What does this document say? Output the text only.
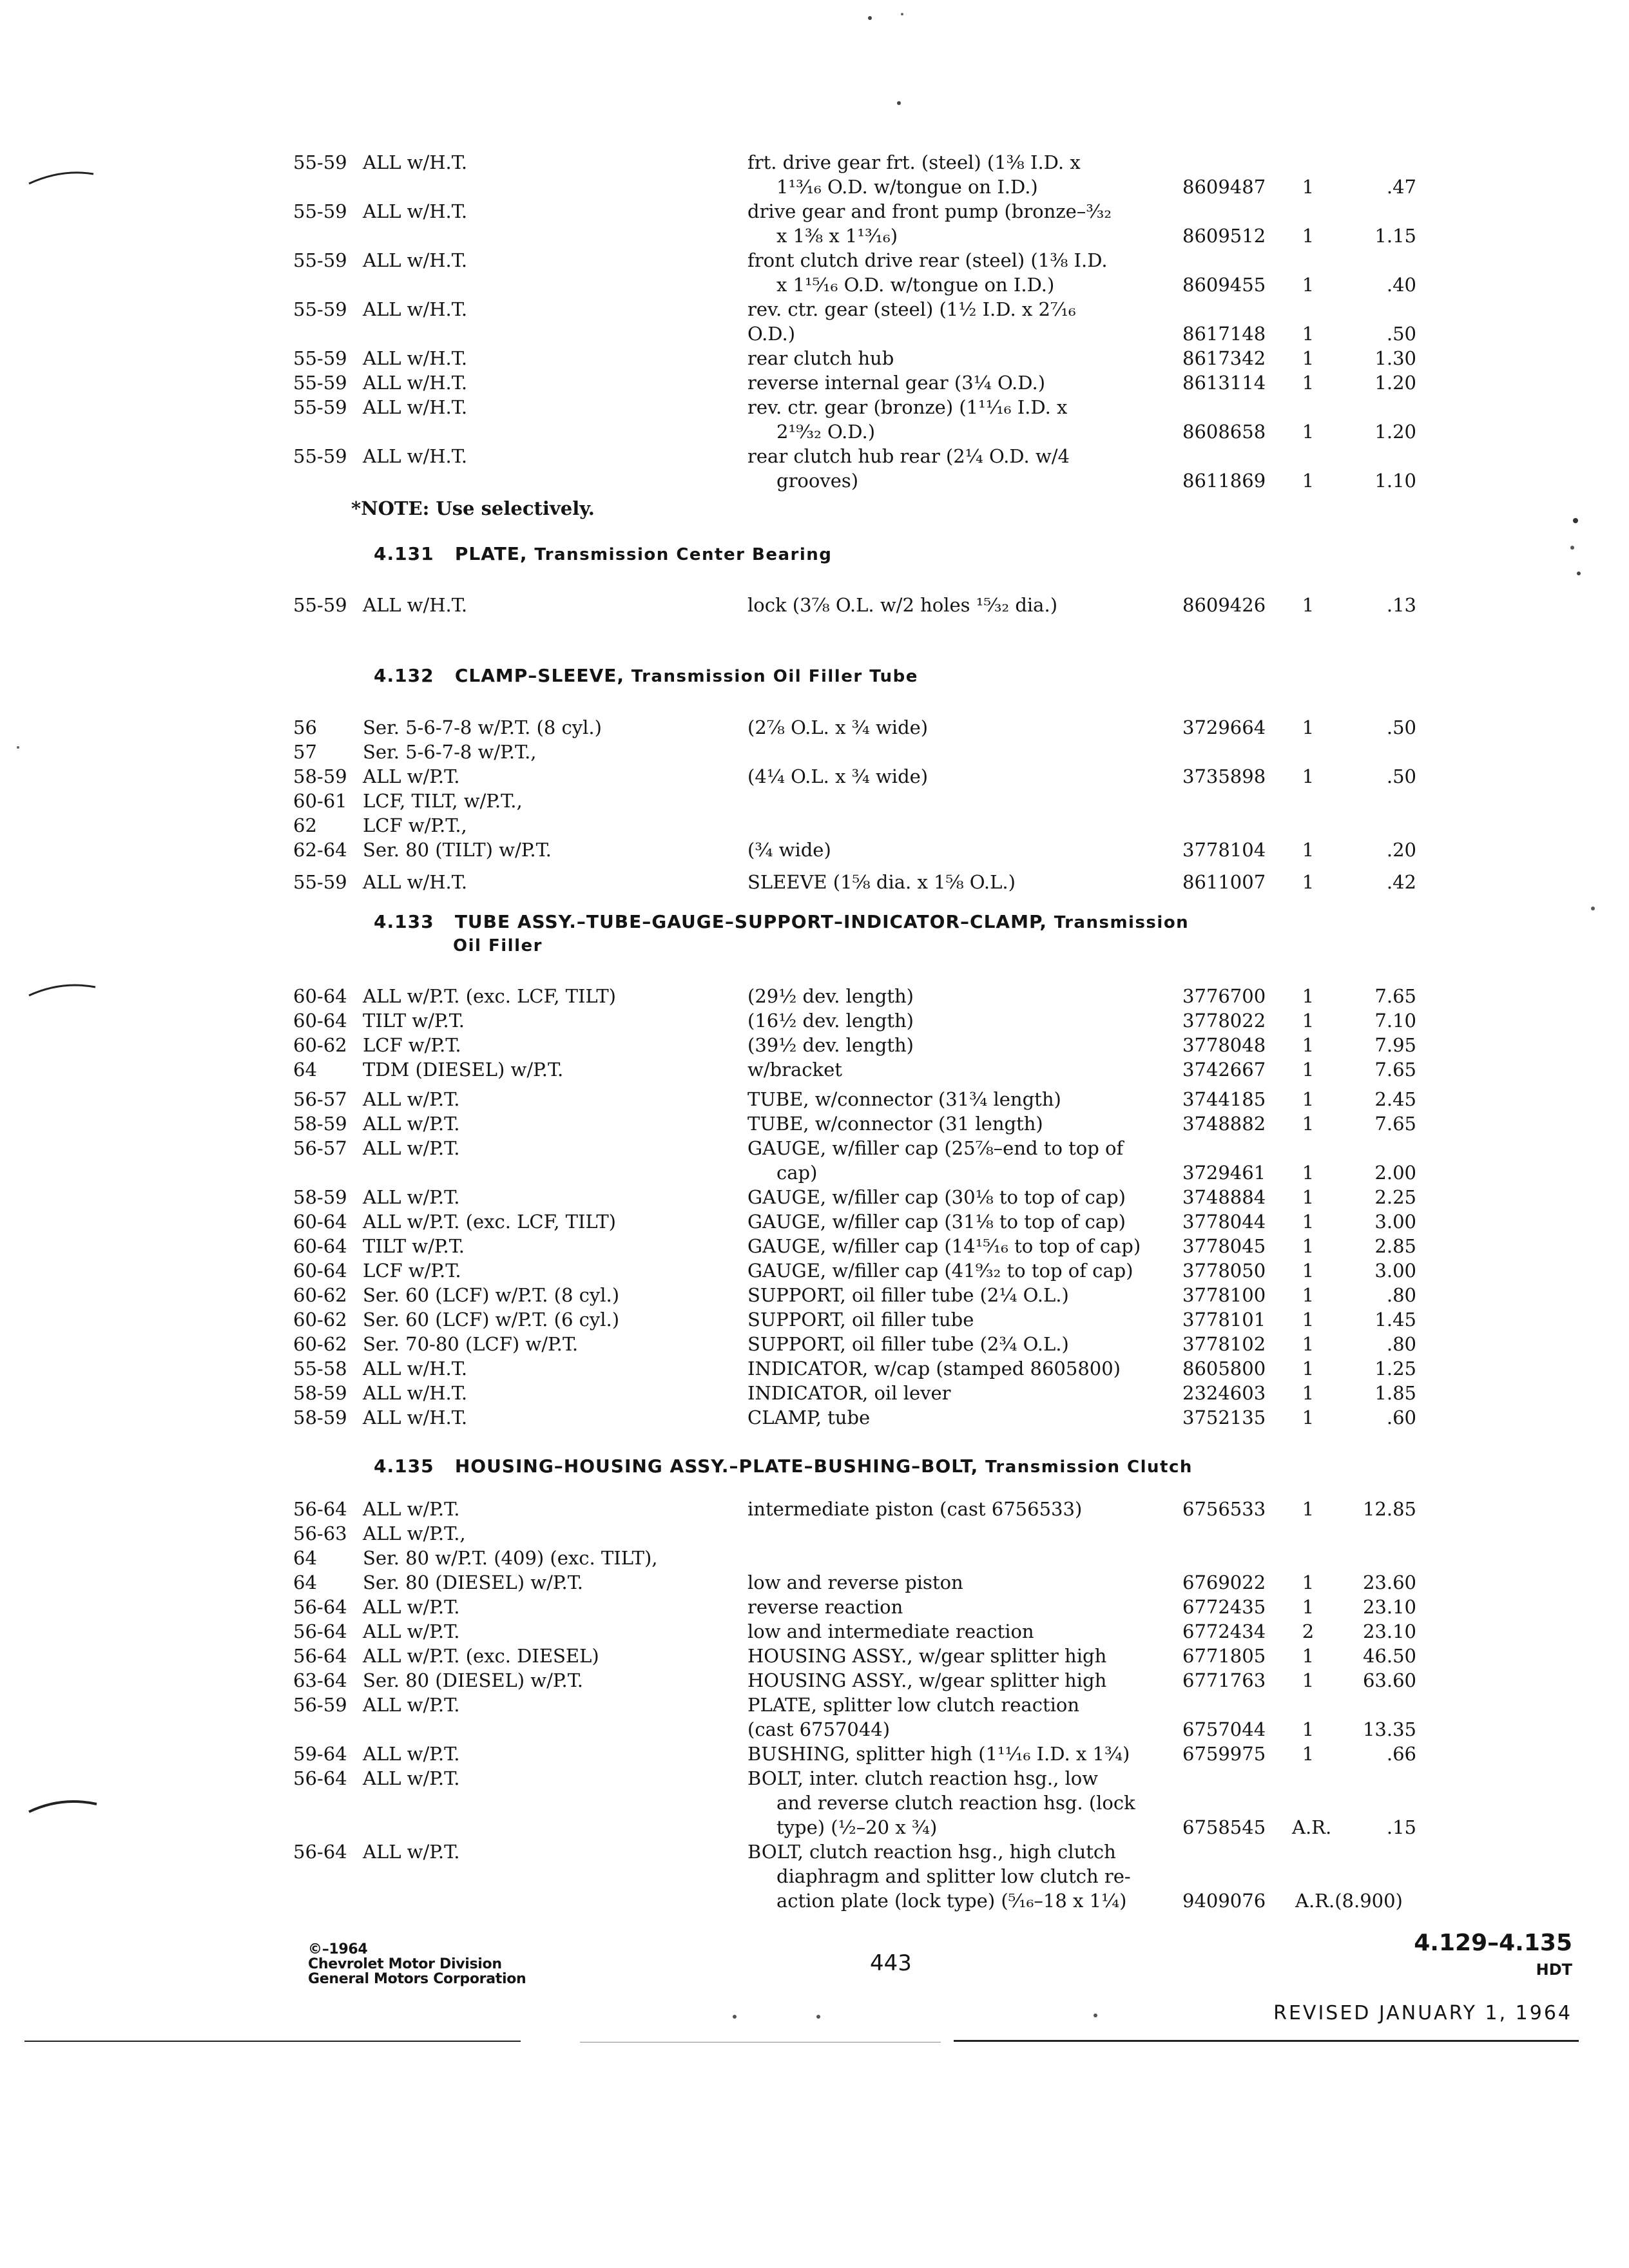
*NOTE: Use selectively.
4.131 PLATE, Transmission Center Bearing
4.132 CLAMP–SLEEVE, Transmission Oil Filler Tube
4.133 TUBE ASSY.–TUBE–GAUGE–SUPPORT–INDICATOR–CLAMP, Transmission
Oil Filler
4.135 HOUSING–HOUSING ASSY.–PLATE–BUSHING–BOLT, Transmission Clutch
55-59 ALL w/H.T.	frt. drive gear frt. (steel) (1⅜ I.D. x
1¹³⁄₁₆ O.D. w/tongue on I.D.)	8609487	1	.47
55-59 ALL w/H.T.	drive gear and front pump (bronze–³⁄₃₂
x 1⅜ x 1¹³⁄₁₆)	8609512	1	1.15
55-59 ALL w/H.T.	front clutch drive rear (steel) (1⅜ I.D.
x 1¹⁵⁄₁₆ O.D. w/tongue on I.D.)	8609455	1	.40
55-59 ALL w/H.T.	rev. ctr. gear (steel) (1½ I.D. x 2⁷⁄₁₆
O.D.)	8617148	1	.50
55-59 ALL w/H.T.	rear clutch hub	8617342	1	1.30
55-59 ALL w/H.T.	reverse internal gear (3¼ O.D.)	8613114	1	1.20
55-59 ALL w/H.T.	rev. ctr. gear (bronze) (1¹¹⁄₁₆ I.D. x
2¹⁹⁄₃₂ O.D.)	8608658	1	1.20
55-59 ALL w/H.T.	rear clutch hub rear (2¼ O.D. w/4
grooves)	8611869	1	1.10
55-59 ALL w/H.T.	lock (3⅞ O.L. w/2 holes ¹⁵⁄₃₂ dia.)	8609426	1	.13
56 Ser. 5-6-7-8 w/P.T. (8 cyl.)	(2⅞ O.L. x ¾ wide)	3729664	1	.50
57 Ser. 5-6-7-8 w/P.T.,
58-59 ALL w/P.T.	(4¼ O.L. x ¾ wide)	3735898	1	.50
60-61 LCF, TILT, w/P.T.,
62 LCF w/P.T.,
62-64 Ser. 80 (TILT) w/P.T.	(¾ wide)	3778104	1	.20
55-59 ALL w/H.T.	SLEEVE (1⅝ dia. x 1⅝ O.L.)	8611007	1	.42
60-64 ALL w/P.T. (exc. LCF, TILT)	(29½ dev. length)	3776700	1	7.65
60-64 TILT w/P.T.	(16½ dev. length)	3778022	1	7.10
60-62 LCF w/P.T.	(39½ dev. length)	3778048	1	7.95
64 TDM (DIESEL) w/P.T.	w/bracket	3742667	1	7.65
56-57 ALL w/P.T.	TUBE, w/connector (31¾ length)	3744185	1	2.45
58-59 ALL w/P.T.	TUBE, w/connector (31 length)	3748882	1	7.65
56-57 ALL w/P.T.	GAUGE, w/filler cap (25⅞–end to top of
cap)	3729461	1	2.00
58-59 ALL w/P.T.	GAUGE, w/filler cap (30⅛ to top of cap)	3748884	1	2.25
60-64 ALL w/P.T. (exc. LCF, TILT)	GAUGE, w/filler cap (31⅛ to top of cap)	3778044	1	3.00
60-64 TILT w/P.T.	GAUGE, w/filler cap (14¹⁵⁄₁₆ to top of cap) 3778045	1	2.85
60-64 LCF w/P.T.	GAUGE, w/filler cap (41⁹⁄₃₂ to top of cap)	3778050	1	3.00
60-62 Ser. 60 (LCF) w/P.T. (8 cyl.)	SUPPORT, oil filler tube (2¼ O.L.)	3778100	1	.80
60-62 Ser. 60 (LCF) w/P.T. (6 cyl.)	SUPPORT, oil filler tube	3778101	1	1.45
60-62 Ser. 70-80 (LCF) w/P.T.	SUPPORT, oil filler tube (2¾ O.L.)	3778102	1	.80
55-58 ALL w/H.T.	INDICATOR, w/cap (stamped 8605800)	8605800	1	1.25
58-59 ALL w/H.T.	INDICATOR, oil lever	2324603	1	1.85
58-59 ALL w/H.T.	CLAMP, tube	3752135	1	.60
56-64 ALL w/P.T.	intermediate piston (cast 6756533)	6756533	1	12.85
56-63 ALL w/P.T.,
64 Ser. 80 w/P.T. (409) (exc. TILT),
64 Ser. 80 (DIESEL) w/P.T.	low and reverse piston	6769022	1	23.60
56-64 ALL w/P.T.	reverse reaction	6772435	1	23.10
56-64 ALL w/P.T.	low and intermediate reaction	6772434	2	23.10
56-64 ALL w/P.T. (exc. DIESEL)	HOUSING ASSY., w/gear splitter high	6771805	1	46.50
63-64 Ser. 80 (DIESEL) w/P.T.	HOUSING ASSY., w/gear splitter high	6771763	1	63.60
56-59 ALL w/P.T.	PLATE, splitter low clutch reaction
(cast 6757044)	6757044	1	13.35
59-64 ALL w/P.T.	BUSHING, splitter high (1¹¹⁄₁₆ I.D. x 1¾)	6759975	1	.66
56-64 ALL w/P.T.	BOLT, inter. clutch reaction hsg., low
and reverse clutch reaction hsg. (lock
type) (½–20 x ¾)	6758545 A.R.	.15
56-64 ALL w/P.T.	BOLT, clutch reaction hsg., high clutch
diaphragm and splitter low clutch re-
action plate (lock type) (⁵⁄₁₆–18 x 1¼)	9409076 A.R.(8.900)
©–1964
Chevrolet Motor Division
General Motors Corporation
443
4.129–4.135
HDT
REVISED JANUARY 1, 1964
